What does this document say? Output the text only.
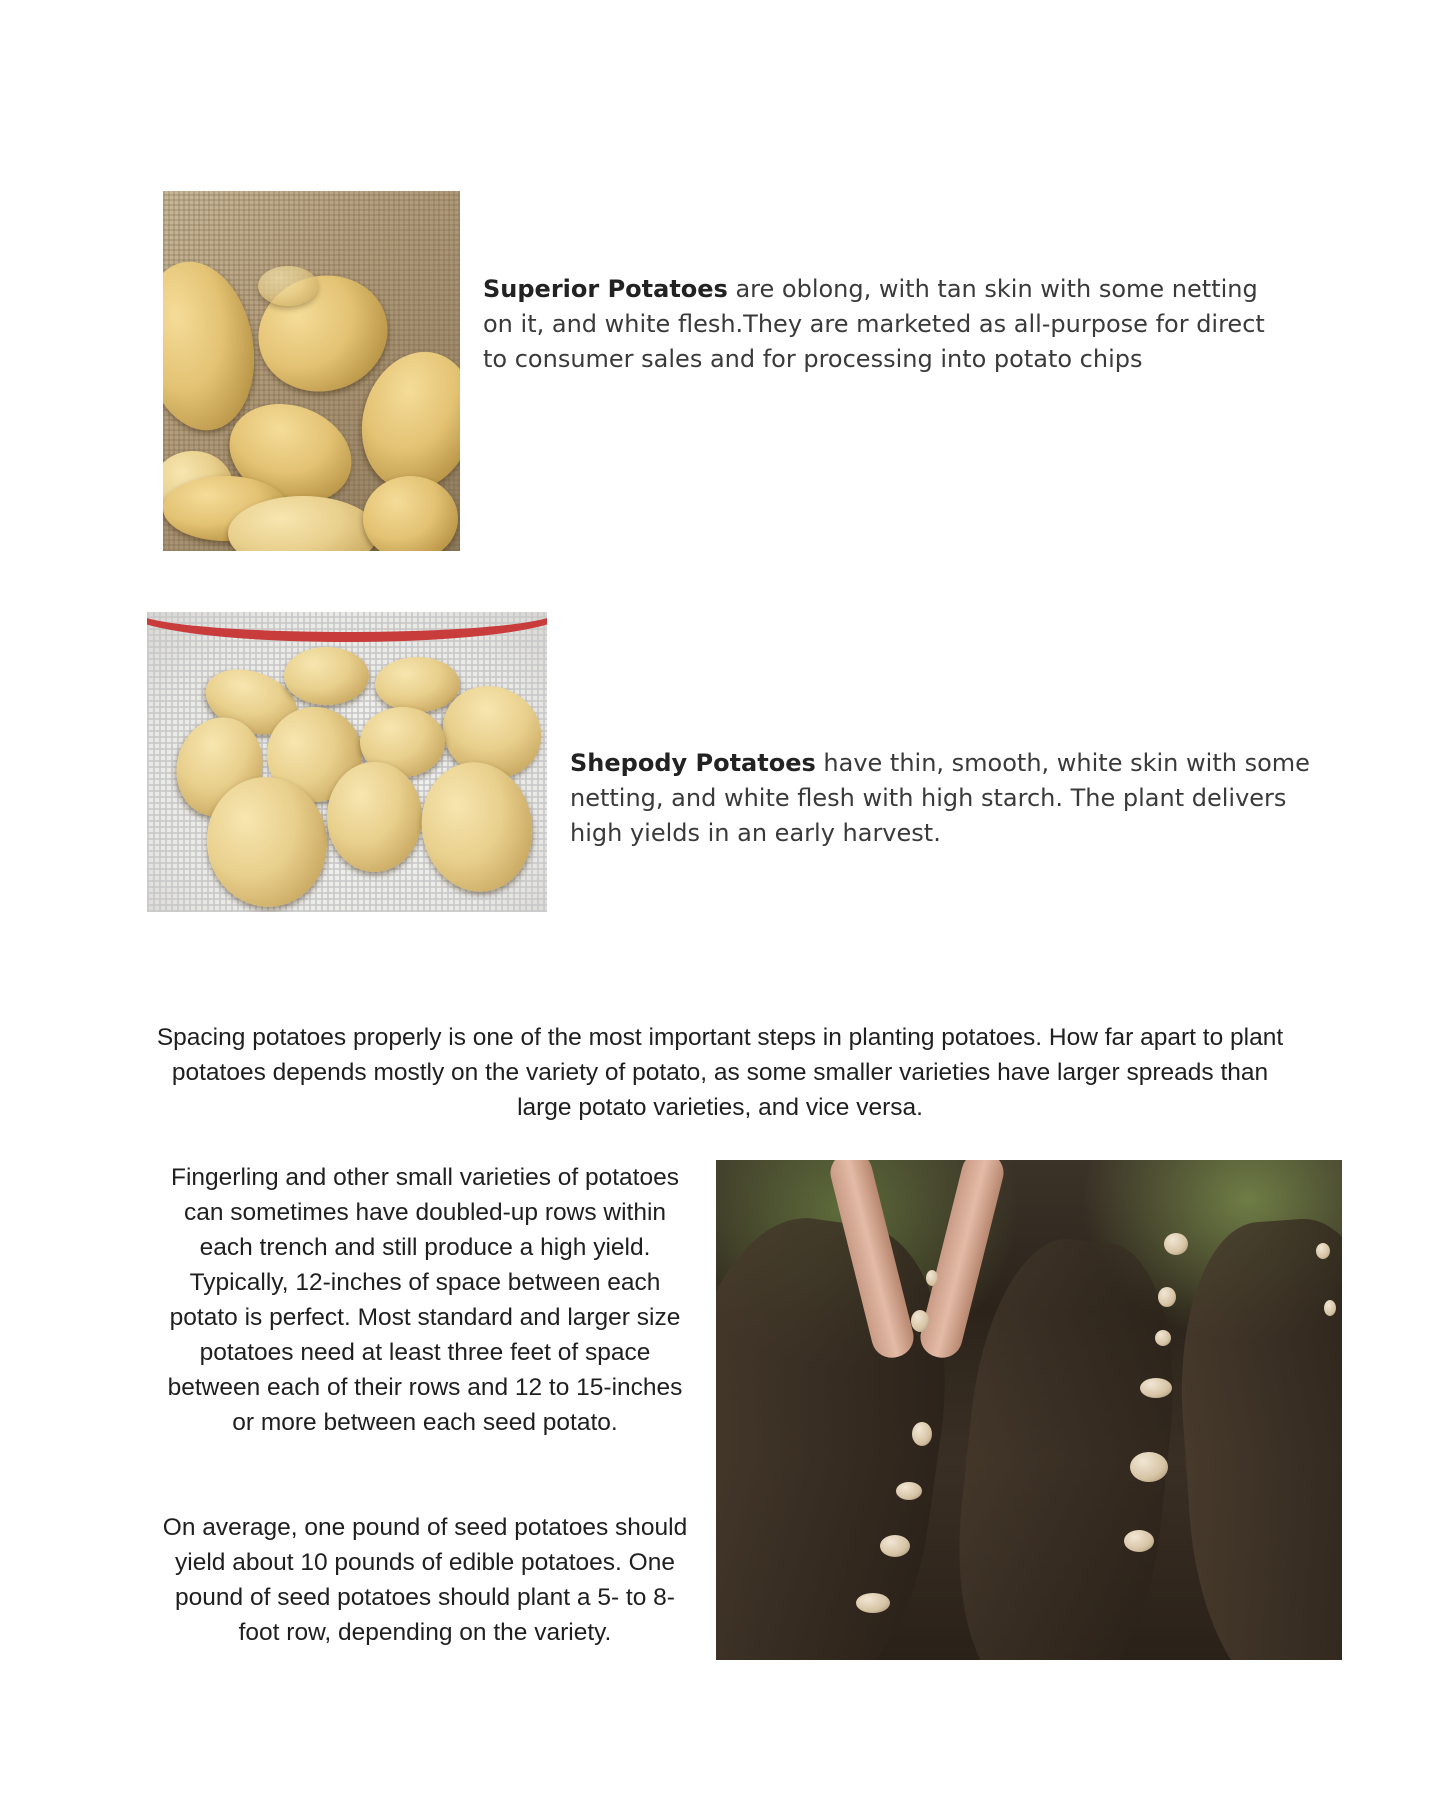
Superior Potatoes are oblong, with tan skin with some netting on it, and white flesh.They are marketed as all-purpose for direct to consumer sales and for processing into potato chips
Shepody Potatoes have thin, smooth, white skin with some netting, and white flesh with high starch. The plant delivers high yields in an early harvest.
Spacing potatoes properly is one of the most important steps in planting potatoes. How far apart to plant potatoes depends mostly on the variety of potato, as some smaller varieties have larger spreads than large potato varieties, and vice versa.
Fingerling and other small varieties of potatoes can sometimes have doubled-up rows within each trench and still produce a high yield. Typically, 12-inches of space between each potato is perfect. Most standard and larger size potatoes need at least three feet of space between each of their rows and 12 to 15-inches or more between each seed potato.
On average, one pound of seed potatoes should yield about 10 pounds of edible potatoes. One pound of seed potatoes should plant a 5- to 8-foot row, depending on the variety.
